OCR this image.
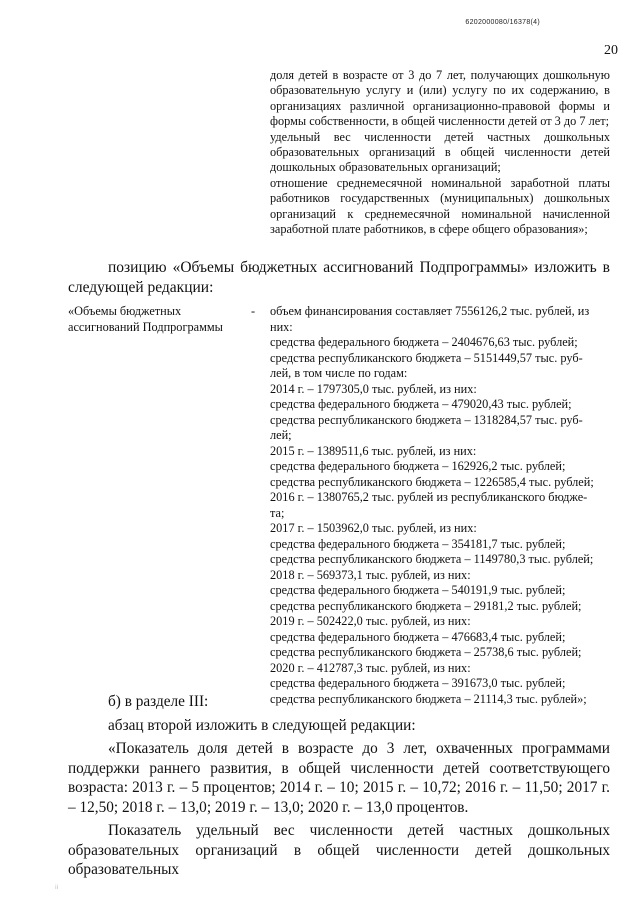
6202000080/16378(4)
20
доля детей в возрасте от 3 до 7 лет, получающих дошкольную образовательную услугу и (или) услугу по их содержанию, в организациях различной организационно-правовой формы и формы собственности, в общей численности детей от 3 до 7 лет;
удельный вес численности детей частных дошкольных образовательных организаций в общей численности детей дошкольных образовательных организаций;
отношение среднемесячной номинальной заработной платы работников государственных (муниципальных) дошкольных организаций к среднемесячной номинальной начисленной заработной плате работников, в сфере общего образования»;
позицию «Объемы бюджетных ассигнований Подпрограммы» изложить в следующей редакции:
«Объемы бюджетных ассигнований Подпрограммы
- объем финансирования составляет 7556126,2 тыс. рублей, из
них:
средства федерального бюджета – 2404676,63 тыс. рублей;
средства республиканского бюджета – 5151449,57 тыс. руб-
лей, в том числе по годам:
2014 г. – 1797305,0 тыс. рублей, из них:
средства федерального бюджета – 479020,43 тыс. рублей;
средства республиканского бюджета – 1318284,57 тыс. руб-
лей;
2015 г. – 1389511,6 тыс. рублей, из них:
средства федерального бюджета – 162926,2 тыс. рублей;
средства республиканского бюджета – 1226585,4 тыс. рублей;
2016 г. – 1380765,2 тыс. рублей из республиканского бюдже-
та;
2017 г. – 1503962,0 тыс. рублей, из них:
средства федерального бюджета – 354181,7 тыс. рублей;
средства республиканского бюджета – 1149780,3 тыс. рублей;
2018 г. – 569373,1 тыс. рублей, из них:
средства федерального бюджета – 540191,9 тыс. рублей;
средства республиканского бюджета – 29181,2 тыс. рублей;
2019 г. – 502422,0 тыс. рублей, из них:
средства федерального бюджета – 476683,4 тыс. рублей;
средства республиканского бюджета – 25738,6 тыс. рублей;
2020 г. – 412787,3 тыс. рублей, из них:
средства федерального бюджета – 391673,0 тыс. рублей;
средства республиканского бюджета – 21114,3 тыс. рублей»;
б) в разделе III:
абзац второй изложить в следующей редакции:
«Показатель доля детей в возрасте до 3 лет, охваченных программами поддержки раннего развития, в общей численности детей соответствующего возраста: 2013 г. – 5 процентов; 2014 г. – 10; 2015 г. – 10,72; 2016 г. – 11,50; 2017 г. – 12,50; 2018 г. – 13,0; 2019 г. – 13,0; 2020 г. – 13,0 процентов.
Показатель удельный вес численности детей частных дошкольных образовательных организаций в общей численности детей дошкольных образовательных
ⅰⅰ
